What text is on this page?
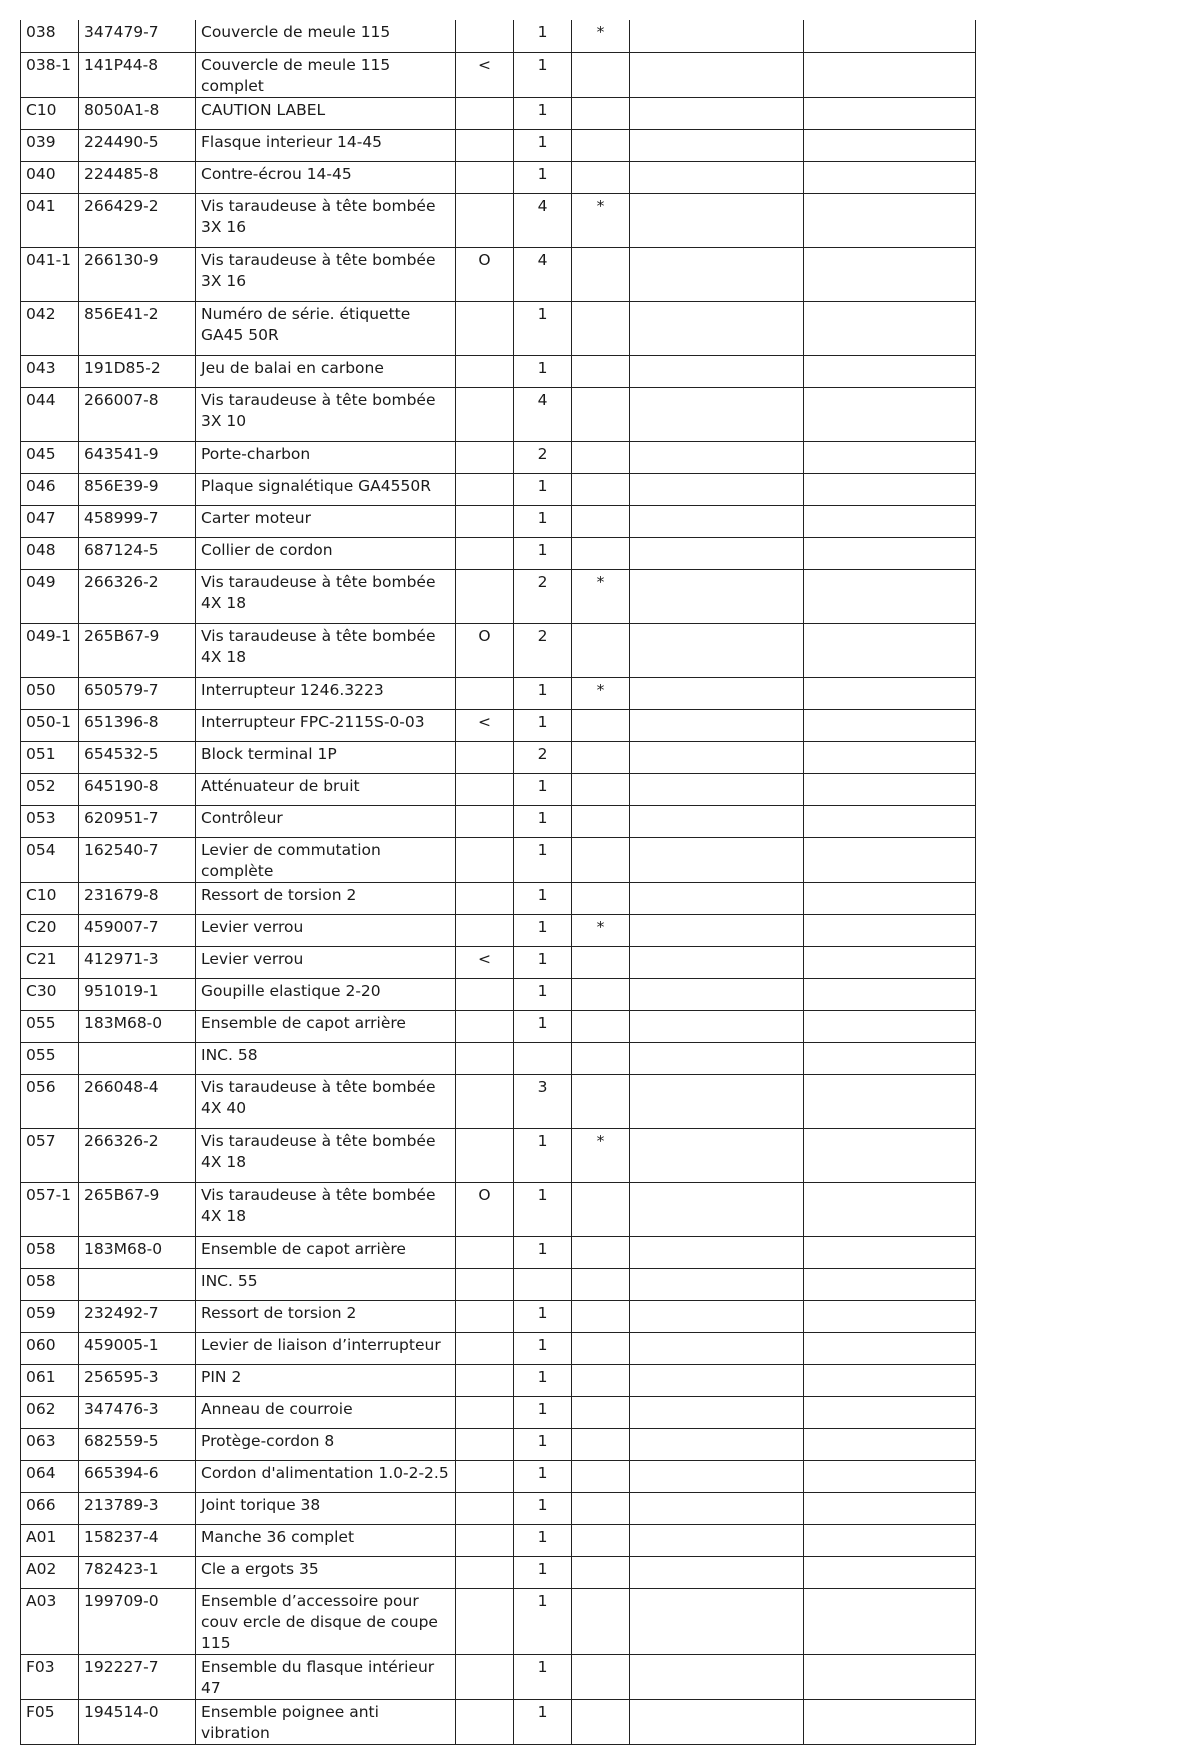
038	347479-7	Couvercle de meule 115		1	*		
038-1	141P44-8	Couvercle de meule 115 complet	<	1			
C10	8050A1-8	CAUTION LABEL		1			
039	224490-5	Flasque interieur 14-45		1			
040	224485-8	Contre-écrou 14-45		1			
041	266429-2	Vis taraudeuse à tête bombée 3X 16		4	*		
041-1	266130-9	Vis taraudeuse à tête bombée 3X 16	O	4			
042	856E41-2	Numéro de série. étiquette GA45 50R		1			
043	191D85-2	Jeu de balai en carbone		1			
044	266007-8	Vis taraudeuse à tête bombée 3X 10		4			
045	643541-9	Porte-charbon		2			
046	856E39-9	Plaque signalétique GA4550R		1			
047	458999-7	Carter moteur		1			
048	687124-5	Collier de cordon		1			
049	266326-2	Vis taraudeuse à tête bombée 4X 18		2	*		
049-1	265B67-9	Vis taraudeuse à tête bombée 4X 18	O	2			
050	650579-7	Interrupteur 1246.3223		1	*		
050-1	651396-8	Interrupteur FPC-2115S-0-03	<	1			
051	654532-5	Block terminal 1P		2			
052	645190-8	Atténuateur de bruit		1			
053	620951-7	Contrôleur		1			
054	162540-7	Levier de commutation complète		1			
C10	231679-8	Ressort de torsion 2		1			
C20	459007-7	Levier verrou		1	*		
C21	412971-3	Levier verrou	<	1			
C30	951019-1	Goupille elastique 2-20		1			
055	183M68-0	Ensemble de capot arrière		1			
055		INC. 58					
056	266048-4	Vis taraudeuse à tête bombée 4X 40		3			
057	266326-2	Vis taraudeuse à tête bombée 4X 18		1	*		
057-1	265B67-9	Vis taraudeuse à tête bombée 4X 18	O	1			
058	183M68-0	Ensemble de capot arrière		1			
058		INC. 55					
059	232492-7	Ressort de torsion 2		1			
060	459005-1	Levier de liaison d’interrupteur		1			
061	256595-3	PIN 2		1			
062	347476-3	Anneau de courroie		1			
063	682559-5	Protège-cordon 8		1			
064	665394-6	Cordon d'alimentation 1.0-2-2.5		1			
066	213789-3	Joint torique 38		1			
A01	158237-4	Manche 36 complet		1			
A02	782423-1	Cle a ergots 35		1			
A03	199709-0	Ensemble d’accessoire pour couv ercle de disque de coupe 115		1			
F03	192227-7	Ensemble du flasque intérieur 47		1			
F05	194514-0	Ensemble poignee anti vibration		1			
